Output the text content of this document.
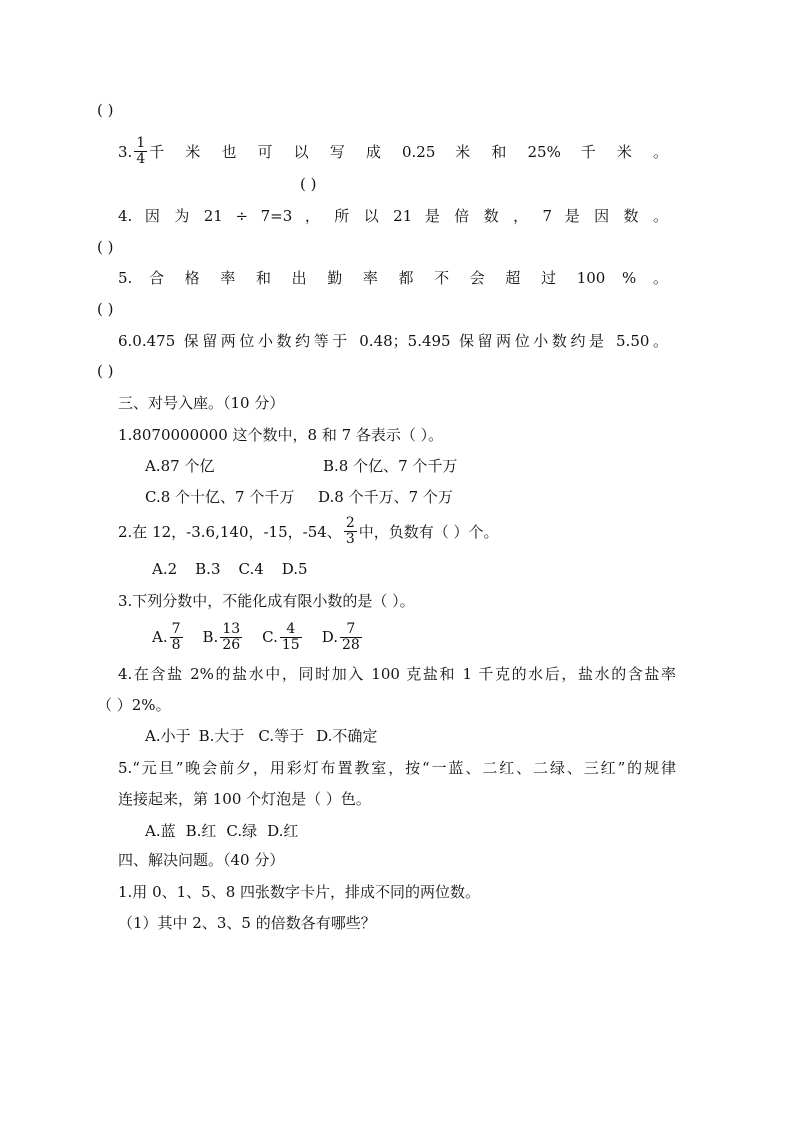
( )
3. $\frac{1}{4}$ 千 米 也 可 以 写 成 0.25 米 和 25% 千 米 。
( )
4. 因 为 21 ÷ 7=3 ， 所 以 21 是 倍 数 ， 7 是 因 数 。
( )
5. 合 格 率 和 出 勤 率 都 不 会 超 过 100 % 。
( )
6.0.475 保留两位小数约等于 0.48；5.495 保留两位小数约是 5.50。
( )
三、对号入座。（10 分）
1.8070000000 这个数中，8 和 7 各表示（ ）。
A.87 个亿	B.8 个亿、7 个千万
C.8 个十亿、7 个千万 D.8 个千万、7 个万
2.在 12，-3.6,140，-15，-54、 $\frac{2}{3}$ 中，负数有（ ）个。
A.2 B.3 C.4 D.5
3.下列分数中，不能化成有限小数的是（ ）。
A. $\frac{7}{8} B$. $\frac{13}{26} C$. $\frac{4}{15} D$. $\frac{7}{28}$
4.在含盐 2%的盐水中，同时加入 100 克盐和 1 千克的水后，盐水的含盐率
（ ）2%。
A.小于 B.大于 C.等于 D.不确定
5.“元旦”晚会前夕，用彩灯布置教室，按“一蓝、二红、二绿、三红”的规律
连接起来，第 100 个灯泡是（ ）色。
A.蓝 B.红 C.绿 D.红
四、解决问题。（40 分）
1.用 0、1、5、8 四张数字卡片，排成不同的两位数。
（1）其中 2、3、5 的倍数各有哪些？
